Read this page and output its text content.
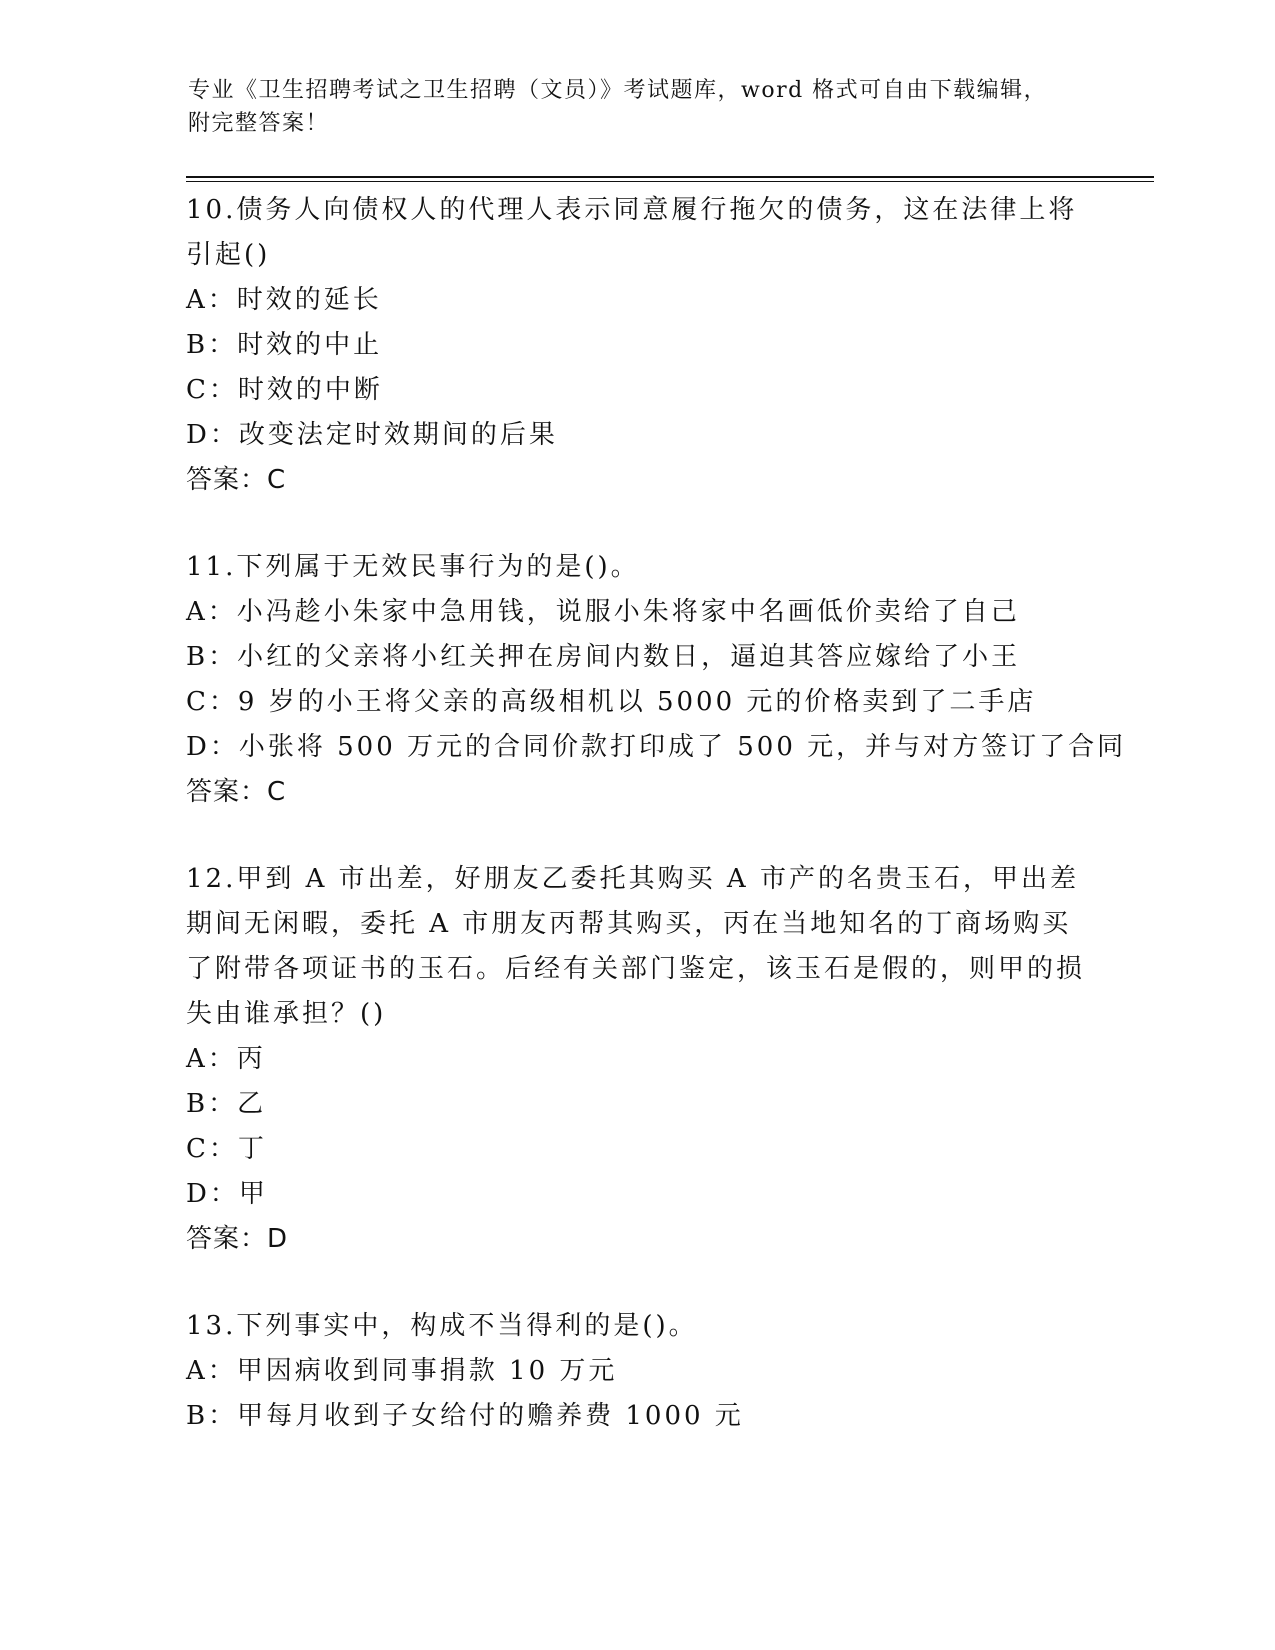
专业《卫生招聘考试之卫生招聘（文员）》考试题库，word 格式可自由下载编辑，附完整答案！

10.债务人向债权人的代理人表示同意履行拖欠的债务，这在法律上将引起()

A：时效的延长

B：时效的中止

C：时效的中断

D：改变法定时效期间的后果

答案：C

11.下列属于无效民事行为的是()。

A：小冯趁小朱家中急用钱，说服小朱将家中名画低价卖给了自己

B：小红的父亲将小红关押在房间内数日，逼迫其答应嫁给了小王

C：9 岁的小王将父亲的高级相机以 5000 元的价格卖到了二手店

D：小张将 500 万元的合同价款打印成了 500 元，并与对方签订了合同

答案：C

12.甲到 A 市出差，好朋友乙委托其购买 A 市产的名贵玉石，甲出差期间无闲暇，委托 A 市朋友丙帮其购买，丙在当地知名的丁商场购买了附带各项证书的玉石。后经有关部门鉴定，该玉石是假的，则甲的损失由谁承担？()

A：丙

B：乙

C：丁

D：甲

答案：D

13.下列事实中，构成不当得利的是()。

A：甲因病收到同事捐款 10 万元

B：甲每月收到子女给付的赡养费 1000 元
